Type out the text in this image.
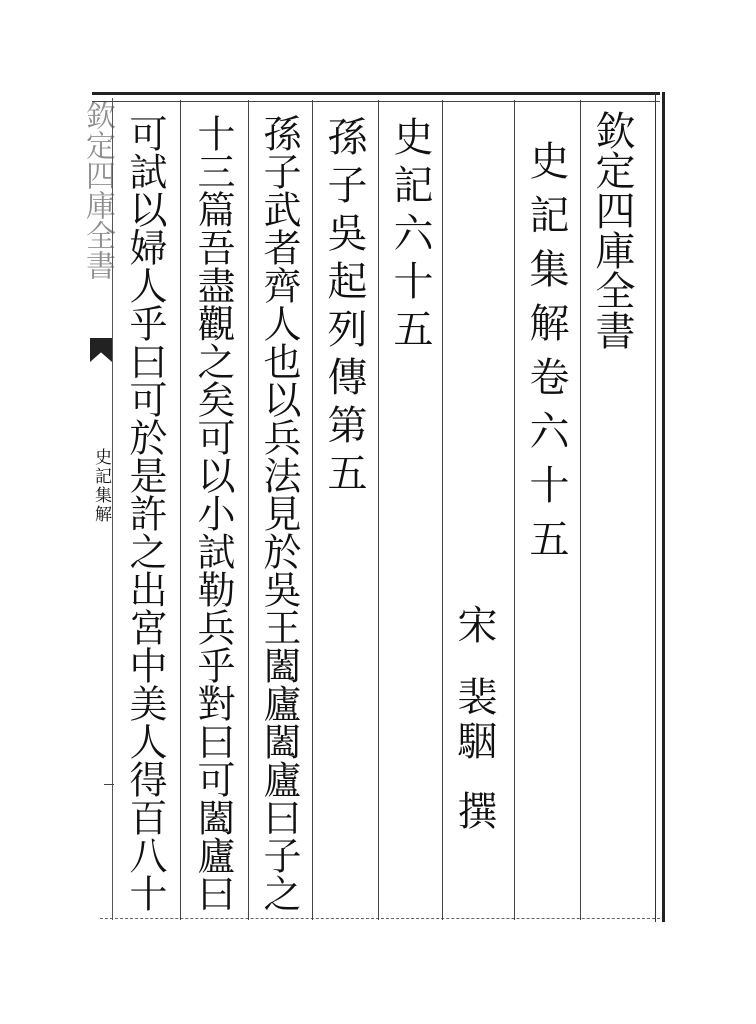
欽定四庫全書
史記集解
欽定四庫全書
史記集解卷六十五
宋
裴駰
撰
史記六十五
孫子吳起列傳第五
孫子武者齊人也以兵法見於吳王闔廬闔廬曰子之
十三篇吾盡觀之矣可以小試勒兵乎對曰可闔廬曰
可試以婦人乎曰可於是許之出宮中美人得百八十
